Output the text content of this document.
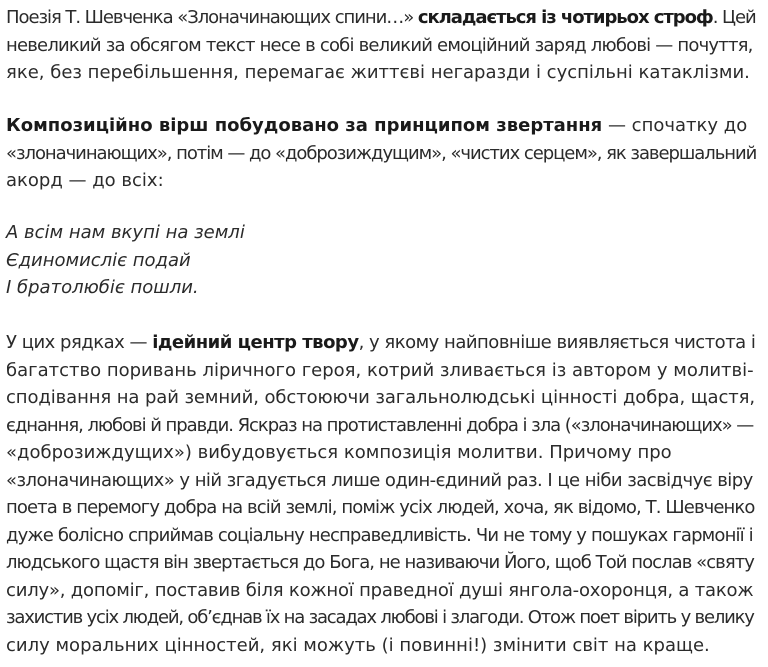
Поезія Т. Шевченка «Злоначинающих спини…» складається із чотирьох строф. Цей
невеликий за обсягом текст несе в собі великий емоційний заряд любові — почуття,
яке, без перебільшення, перемагає життєві негаразди і суспільні катаклізми.

Композиційно вірш побудовано за принципом звертання — спочатку до
«злоначинающих», потім — до «доброзиждущим», «чистих серцем», як завершальний
акорд — до всіх:

А всім нам вкупі на землі
Єдиномисліє подай
І братолюбіє пошли.

У цих рядках — ідейний центр твору, у якому найповніше виявляється чистота і
багатство поривань ліричного героя, котрий зливається із автором у молитві-
сподівання на рай земний, обстоюючи загальнолюдські цінності добра, щастя,
єднання, любові й правди. Яскраз на протиставленні добра і зла («злоначинающих» —
«доброзиждущих») вибудовується композиція молитви. Причому про
«злоначинающих» у ній згадується лише один-єдиний раз. І це ніби засвідчує віру
поета в перемогу добра на всій землі, поміж усіх людей, хоча, як відомо, Т. Шевченко
дуже болісно сприймав соціальну несправедливість. Чи не тому у пошуках гармонії і
людського щастя він звертається до Бога, не називаючи Його, щоб Той послав «святу
силу», допоміг, поставив біля кожної праведної душі янгола-охоронця, а також
захистив усіх людей, об’єднав їх на засадах любові і злагоди. Отож поет вірить у велику
силу моральних цінностей, які можуть (і повинні!) змінити світ на краще.
